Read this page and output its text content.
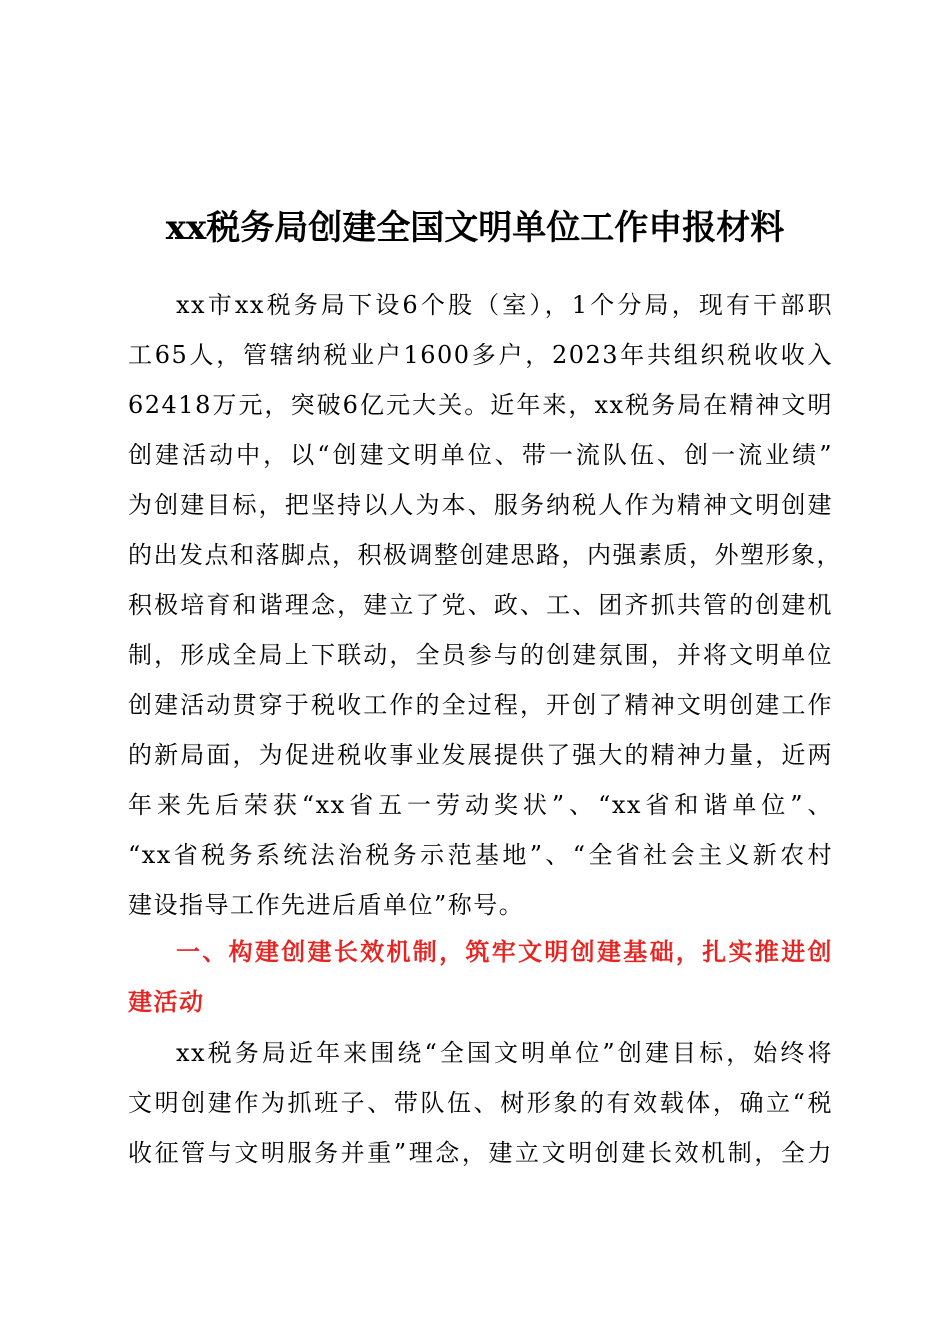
xx税务局创建全国文明单位工作申报材料
xx市xx税务局下设6个股（室），1个分局，现有干部职
工65人，管辖纳税业户1600多户，2023年共组织税收收入
62418万元，突破6亿元大关。近年来，xx税务局在精神文明
创建活动中，以“创建文明单位、带一流队伍、创一流业绩”
为创建目标，把坚持以人为本、服务纳税人作为精神文明创建
的出发点和落脚点，积极调整创建思路，内强素质，外塑形象，
积极培育和谐理念，建立了党、政、工、团齐抓共管的创建机
制，形成全局上下联动，全员参与的创建氛围，并将文明单位
创建活动贯穿于税收工作的全过程，开创了精神文明创建工作
的新局面，为促进税收事业发展提供了强大的精神力量，近两
年来先后荣获“xx省五一劳动奖状”、“xx省和谐单位”、
“xx省税务系统法治税务示范基地”、“全省社会主义新农村
建设指导工作先进后盾单位”称号。
一、构建创建长效机制，筑牢文明创建基础，扎实推进创
建活动
xx税务局近年来围绕“全国文明单位”创建目标，始终将
文明创建作为抓班子、带队伍、树形象的有效载体，确立“税
收征管与文明服务并重”理念，建立文明创建长效机制，全力
